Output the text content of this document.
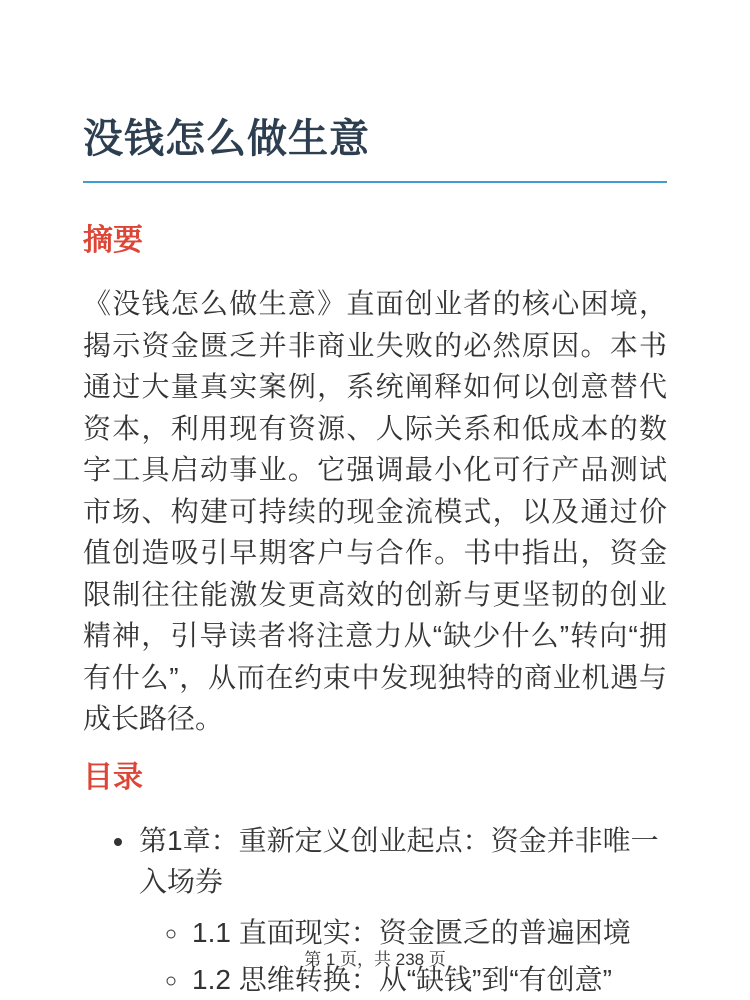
没钱怎么做生意
摘要

《没钱怎么做生意》直面创业者的核心困境，揭示资金匮乏并非商业失败的必然原因。本书通过大量真实案例，系统阐释如何以创意替代资本，利用现有资源、人际关系和低成本的数字工具启动事业。它强调最小化可行产品测试市场、构建可持续的现金流模式，以及通过价值创造吸引早期客户与合作。书中指出，资金限制往往能激发更高效的创新与更坚韧的创业精神，引导读者将注意力从“缺少什么”转向“拥有什么”，从而在约束中发现独特的商业机遇与成长路径。

目录
• 第1章：重新定义创业起点：资金并非唯一入场券
◦ 1.1 直面现实：资金匮乏的普遍困境
◦ 1.2 思维转换：从“缺钱”到“有创意”
第 1 页，共 238 页
